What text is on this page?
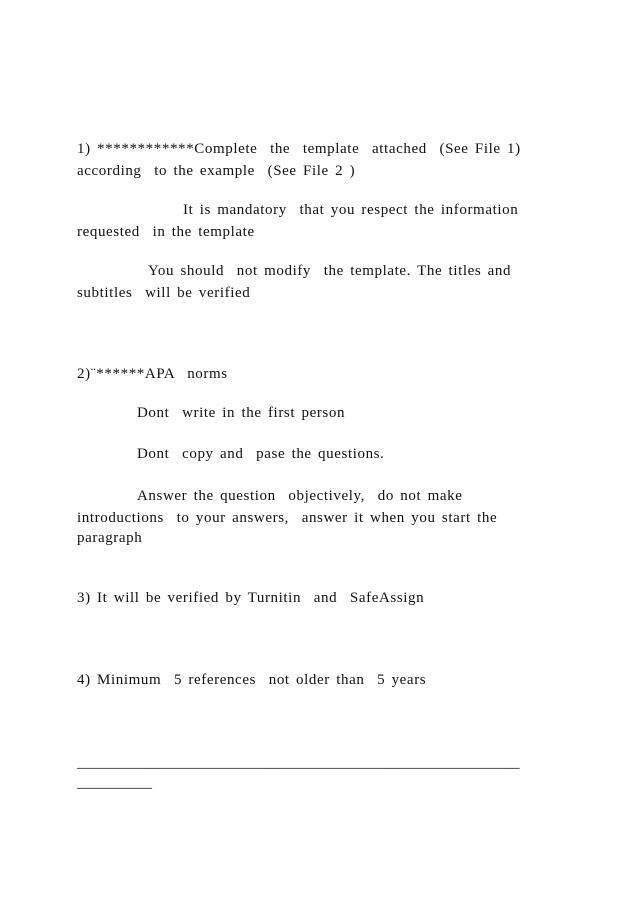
1) ************Complete  the  template  attached  (See File 1)

according  to the example  (See File 2 )

It is mandatory  that you respect the information

requested  in the template

You should  not modify  the template. The titles and

subtitles  will be verified

2)¨******APA  norms

Dont  write in the first person

Dont  copy and  pase the questions.

Answer the question  objectively,  do not make

introductions  to your answers,  answer it when you start the

paragraph

3) It will be verified by Turnitin  and  SafeAssign

4) Minimum  5 references  not older than  5 years

___________________________________________________________

__________
